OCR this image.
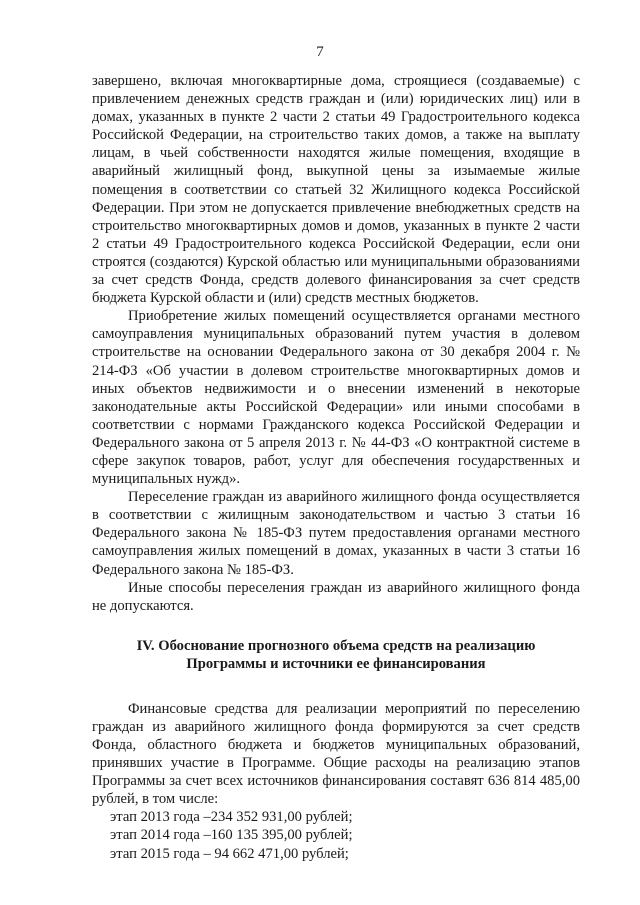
7

завершено, включая многоквартирные дома, строящиеся (создаваемые) с привлечением денежных средств граждан и (или) юридических лиц) или в домах, указанных в пункте 2 части 2 статьи 49 Градостроительного кодекса Российской Федерации, на строительство таких домов, а также на выплату лицам, в чьей собственности находятся жилые помещения, входящие в аварийный жилищный фонд, выкупной цены за изымаемые жилые помещения в соответствии со статьей 32 Жилищного кодекса Российской Федерации. При этом не допускается привлечение внебюджетных средств на строительство многоквартирных домов и домов, указанных в пункте 2 части 2 статьи 49 Градостроительного кодекса Российской Федерации, если они строятся (создаются) Курской областью или муниципальными образованиями за счет средств Фонда, средств долевого финансирования за счет средств бюджета Курской области и (или) средств местных бюджетов.

Приобретение жилых помещений осуществляется органами местного самоуправления муниципальных образований путем участия в долевом строительстве на основании Федерального закона от 30 декабря 2004 г. № 214-ФЗ «Об участии в долевом строительстве многоквартирных домов и иных объектов недвижимости и о внесении изменений в некоторые законодательные акты Российской Федерации» или иными способами в соответствии с нормами Гражданского кодекса Российской Федерации и Федерального закона от 5 апреля 2013 г. № 44-ФЗ «О контрактной системе в сфере закупок товаров, работ, услуг для обеспечения государственных и муниципальных нужд».

Переселение граждан из аварийного жилищного фонда осуществляется в соответствии с жилищным законодательством и частью 3 статьи 16 Федерального закона № 185-ФЗ путем предоставления органами местного самоуправления жилых помещений в домах, указанных в части 3 статьи 16 Федерального закона № 185-ФЗ.

Иные способы переселения граждан из аварийного жилищного фонда не допускаются.

IV. Обоснование прогнозного объема средств на реализацию
Программы и источники ее финансирования

Финансовые средства для реализации мероприятий по переселению граждан из аварийного жилищного фонда формируются за счет средств Фонда, областного бюджета и бюджетов муниципальных образований, принявших участие в Программе. Общие расходы на реализацию этапов Программы за счет всех источников финансирования составят 636 814 485,00 рублей, в том числе:

этап 2013 года –234 352 931,00 рублей;
этап 2014 года –160 135 395,00 рублей;
этап 2015 года – 94 662 471,00 рублей;
